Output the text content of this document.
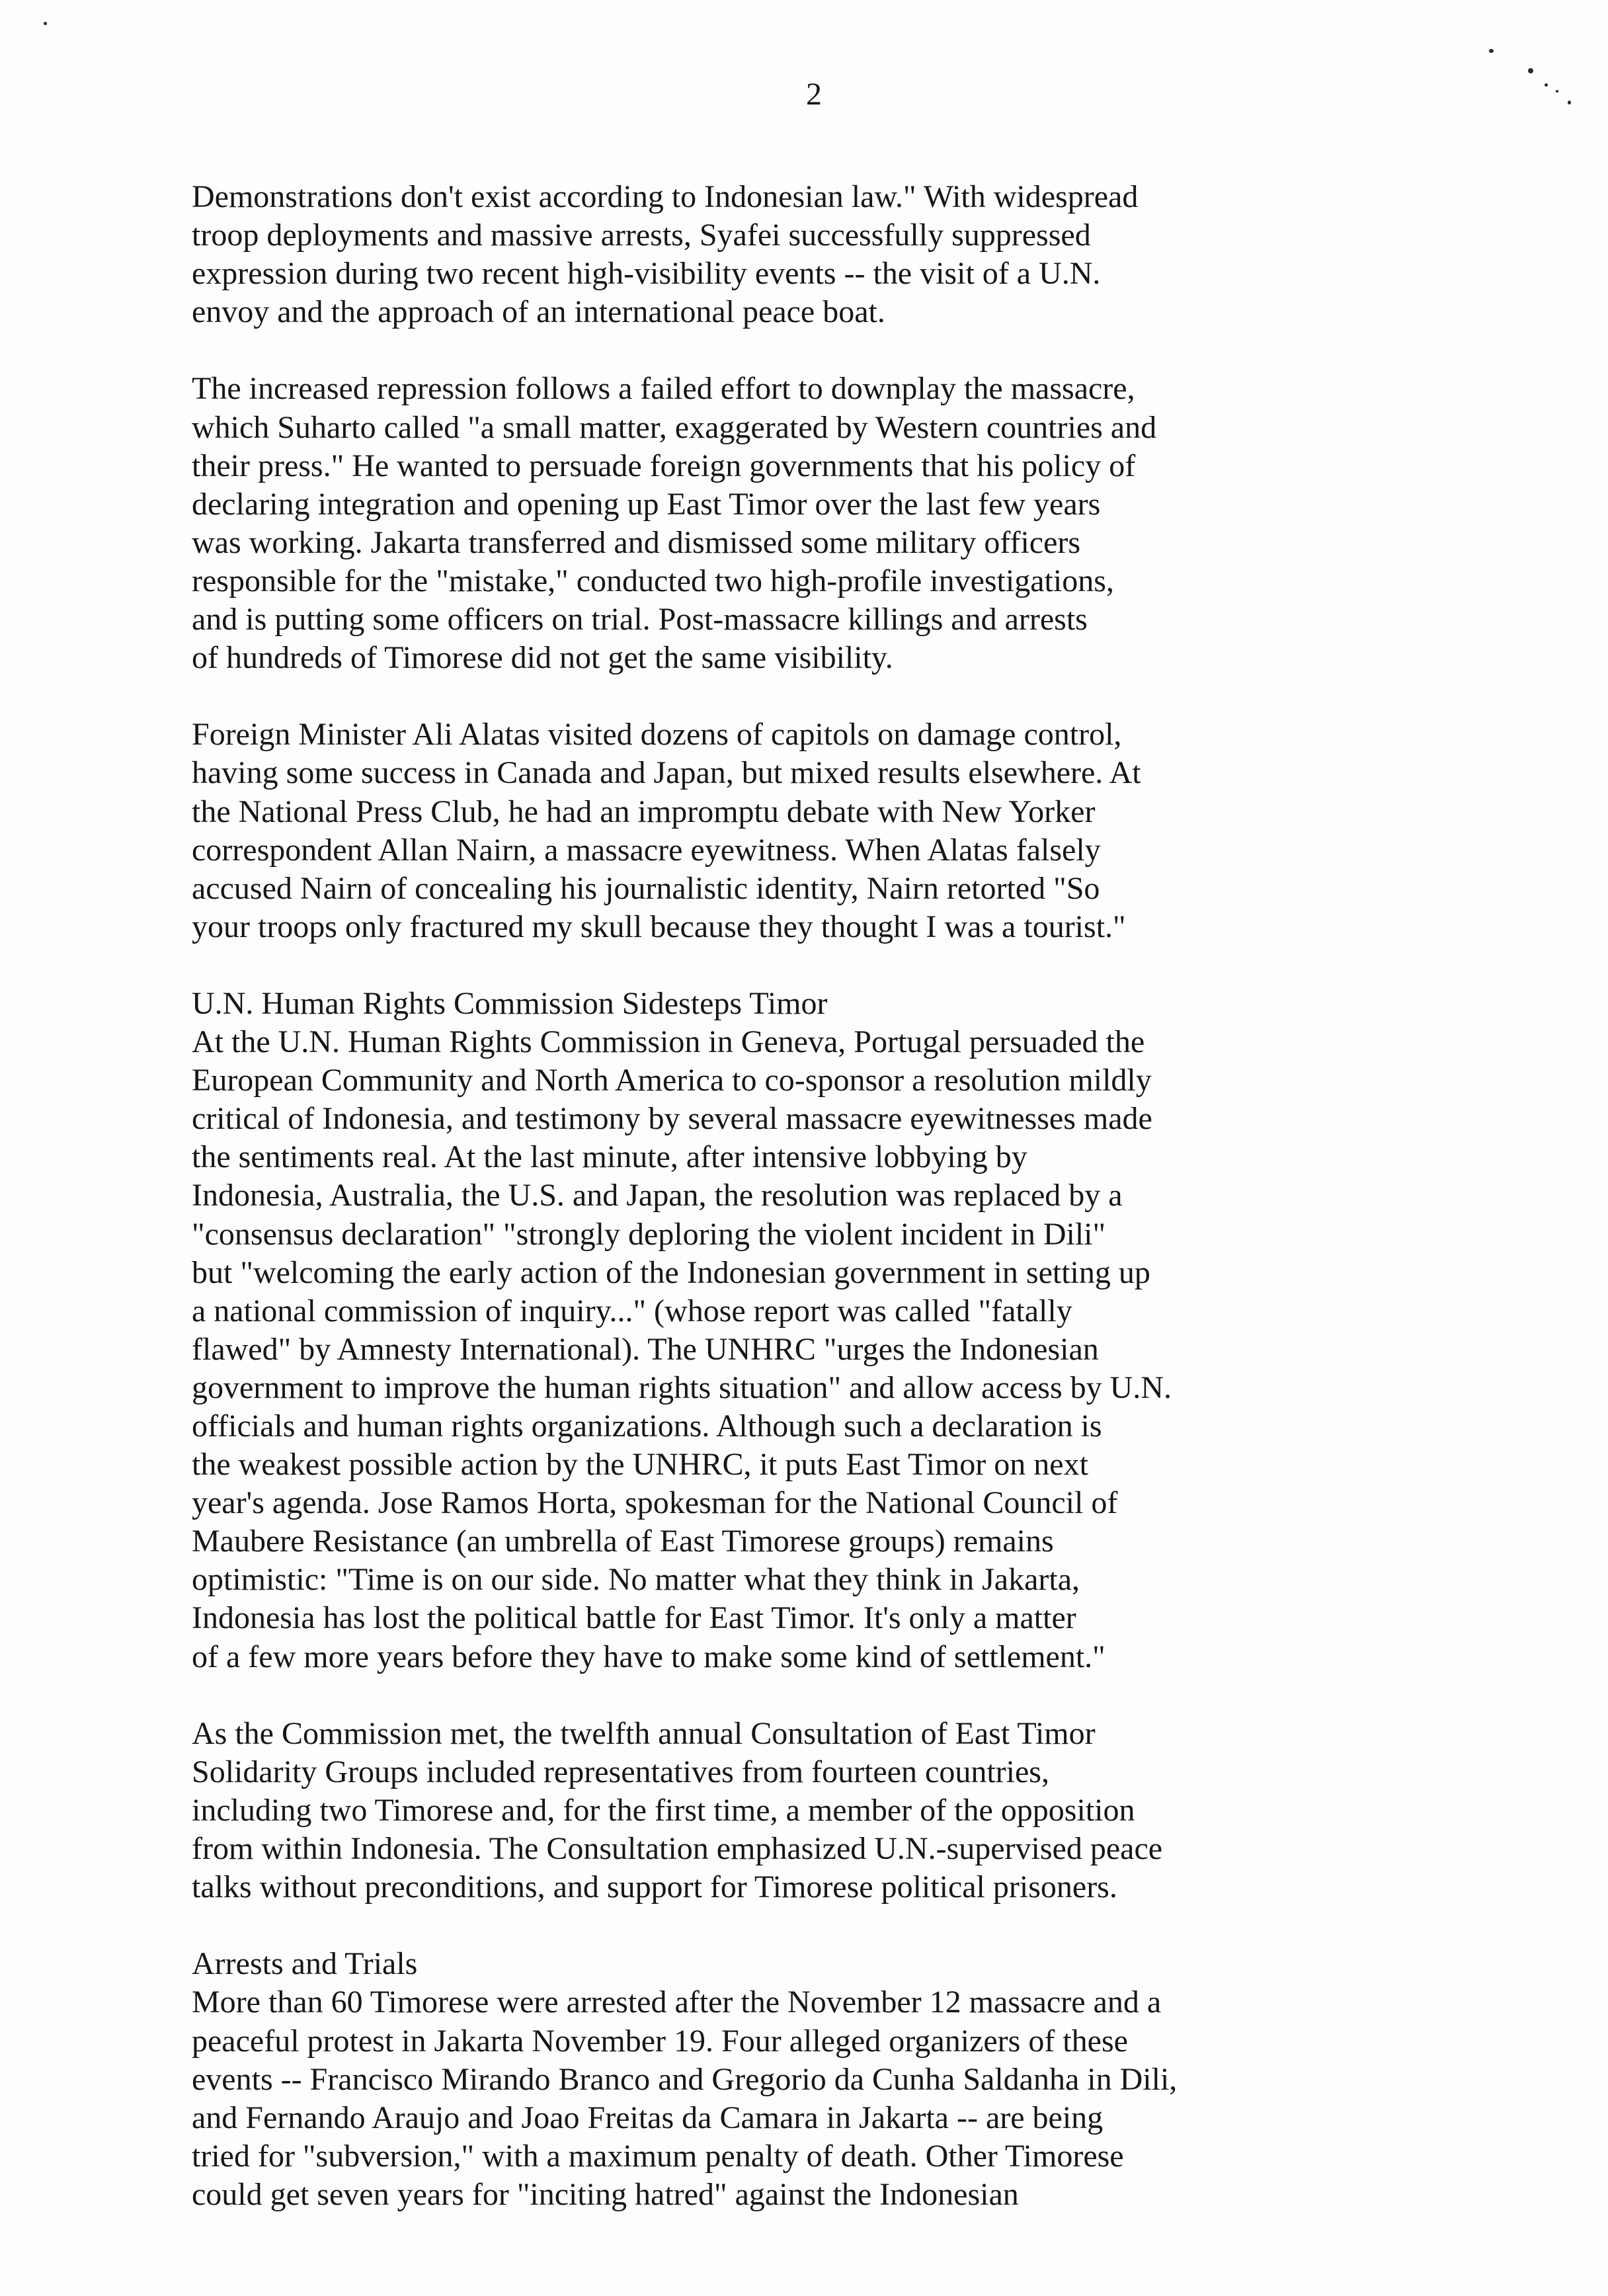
2
Demonstrations don't exist according to Indonesian law." With widespread
troop deployments and massive arrests, Syafei successfully suppressed
expression during two recent high-visibility events -- the visit of a U.N.
envoy and the approach of an international peace boat.
The increased repression follows a failed effort to downplay the massacre,
which Suharto called "a small matter, exaggerated by Western countries and
their press." He wanted to persuade foreign governments that his policy of
declaring integration and opening up East Timor over the last few years
was working. Jakarta transferred and dismissed some military officers
responsible for the "mistake," conducted two high-profile investigations,
and is putting some officers on trial. Post-massacre killings and arrests
of hundreds of Timorese did not get the same visibility.
Foreign Minister Ali Alatas visited dozens of capitols on damage control,
having some success in Canada and Japan, but mixed results elsewhere. At
the National Press Club, he had an impromptu debate with New Yorker
correspondent Allan Nairn, a massacre eyewitness. When Alatas falsely
accused Nairn of concealing his journalistic identity, Nairn retorted "So
your troops only fractured my skull because they thought I was a tourist."
U.N. Human Rights Commission Sidesteps Timor
At the U.N. Human Rights Commission in Geneva, Portugal persuaded the
European Community and North America to co-sponsor a resolution mildly
critical of Indonesia, and testimony by several massacre eyewitnesses made
the sentiments real. At the last minute, after intensive lobbying by
Indonesia, Australia, the U.S. and Japan, the resolution was replaced by a
"consensus declaration" "strongly deploring the violent incident in Dili"
but "welcoming the early action of the Indonesian government in setting up
a national commission of inquiry..." (whose report was called "fatally
flawed" by Amnesty International). The UNHRC "urges the Indonesian
government to improve the human rights situation" and allow access by U.N.
officials and human rights organizations. Although such a declaration is
the weakest possible action by the UNHRC, it puts East Timor on next
year's agenda. Jose Ramos Horta, spokesman for the National Council of
Maubere Resistance (an umbrella of East Timorese groups) remains
optimistic: "Time is on our side. No matter what they think in Jakarta,
Indonesia has lost the political battle for East Timor. It's only a matter
of a few more years before they have to make some kind of settlement."
As the Commission met, the twelfth annual Consultation of East Timor
Solidarity Groups included representatives from fourteen countries,
including two Timorese and, for the first time, a member of the opposition
from within Indonesia. The Consultation emphasized U.N.-supervised peace
talks without preconditions, and support for Timorese political prisoners.
Arrests and Trials
More than 60 Timorese were arrested after the November 12 massacre and a
peaceful protest in Jakarta November 19. Four alleged organizers of these
events -- Francisco Mirando Branco and Gregorio da Cunha Saldanha in Dili,
and Fernando Araujo and Joao Freitas da Camara in Jakarta -- are being
tried for "subversion," with a maximum penalty of death. Other Timorese
could get seven years for "inciting hatred" against the Indonesian
